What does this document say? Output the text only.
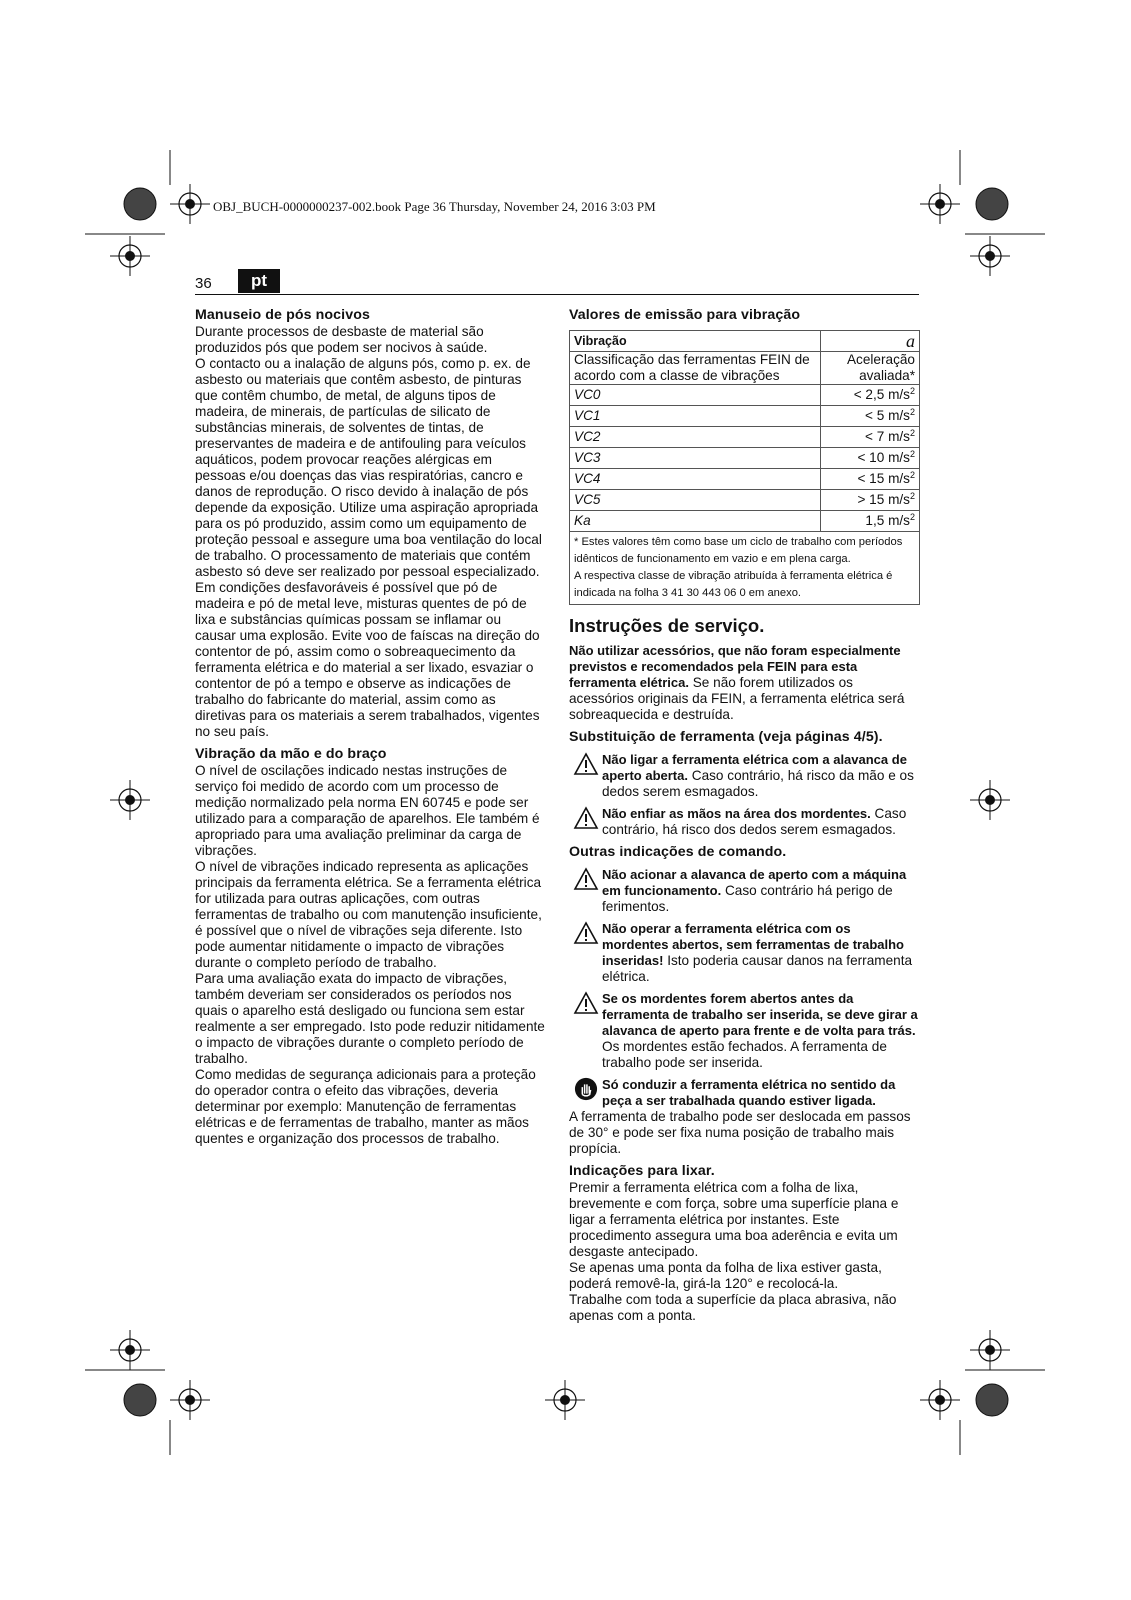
OBJ_BUCH-0000000237-002.book Page 36 Thursday, November 24, 2016 3:03 PM
36	pt
Manuseio de pós nocivos

Durante processos de desbaste de material são produzidos pós que podem ser nocivos à saúde.

O contacto ou a inalação de alguns pós, como p. ex. de asbesto ou materiais que contêm asbesto, de pinturas que contêm chumbo, de metal, de alguns tipos de madeira, de minerais, de partículas de silicato de substâncias minerais, de solventes de tintas, de preservantes de madeira e de antifouling para veículos aquáticos, podem provocar reações alérgicas em pessoas e/ou doenças das vias respiratórias, cancro e danos de reprodução. O risco devido à inalação de pós depende da exposição. Utilize uma aspiração apropriada para os pó produzido, assim como um equipamento de proteção pessoal e assegure uma boa ventilação do local de trabalho. O processamento de materiais que contém asbesto só deve ser realizado por pessoal especializado.

Em condições desfavoráveis é possível que pó de madeira e pó de metal leve, misturas quentes de pó de lixa e substâncias químicas possam se inflamar ou causar uma explosão. Evite voo de faíscas na direção do contentor de pó, assim como o sobreaquecimento da ferramenta elétrica e do material a ser lixado, esvaziar o contentor de pó a tempo e observe as indicações de trabalho do fabricante do material, assim como as diretivas para os materiais a serem trabalhados, vigentes no seu país.

Vibração da mão e do braço

O nível de oscilações indicado nestas instruções de serviço foi medido de acordo com um processo de medição normalizado pela norma EN 60745 e pode ser utilizado para a comparação de aparelhos. Ele também é apropriado para uma avaliação preliminar da carga de vibrações.

O nível de vibrações indicado representa as aplicações principais da ferramenta elétrica. Se a ferramenta elétrica for utilizada para outras aplicações, com outras ferramentas de trabalho ou com manutenção insuficiente, é possível que o nível de vibrações seja diferente. Isto pode aumentar nitidamente o impacto de vibrações durante o completo período de trabalho.

Para uma avaliação exata do impacto de vibrações, também deveriam ser considerados os períodos nos quais o aparelho está desligado ou funciona sem estar realmente a ser empregado. Isto pode reduzir nitidamente o impacto de vibrações durante o completo período de trabalho.

Como medidas de segurança adicionais para a proteção do operador contra o efeito das vibrações, deveria determinar por exemplo: Manutenção de ferramentas elétricas e de ferramentas de trabalho, manter as mãos quentes e organização dos processos de trabalho.

Valores de emissão para vibração
Vibração	a
Classificação das ferramentas FEIN de acordo com a classe de vibrações	Aceleração avaliada*
VC0	< 2,5 $m/s^2$
VC1	< 5 $m/s^2$
VC2	< 7 $m/s^2$
VC3	< 10 $m/s^2$
VC4	< 15 $m/s^2$
VC5	> 15 $m/s^2$
Ka	1,5 $m/s^2$

* Estes valores têm como base um ciclo de trabalho com períodos idênticos de funcionamento em vazio e em plena carga.
A respectiva classe de vibração atribuída à ferramenta elétrica é indicada na folha 3 41 30 443 06 0 em anexo.	
Instruções de serviço.

Não utilizar acessórios, que não foram especialmente previstos e recomendados pela FEIN para esta ferramenta elétrica. Se não forem utilizados os acessórios originais da FEIN, a ferramenta elétrica será sobreaquecida e destruída.

Substituição de ferramenta (veja páginas 4/5).
Não ligar a ferramenta elétrica com a alavanca de aperto aberta. Caso contrário, há risco da mão e os dedos serem esmagados.
Não enfiar as mãos na área dos mordentes. Caso contrário, há risco dos dedos serem esmagados.
Outras indicações de comando.
Não acionar a alavanca de aperto com a máquina em funcionamento. Caso contrário há perigo de ferimentos.
Não operar a ferramenta elétrica com os mordentes abertos, sem ferramentas de trabalho inseridas! Isto poderia causar danos na ferramenta elétrica.
Se os mordentes forem abertos antes da ferramenta de trabalho ser inserida, se deve girar a alavanca de aperto para frente e de volta para trás. Os mordentes estão fechados. A ferramenta de trabalho pode ser inserida.
Só conduzir a ferramenta elétrica no sentido da peça a ser trabalhada quando estiver ligada.

A ferramenta de trabalho pode ser deslocada em passos de 30° e pode ser fixa numa posição de trabalho mais propícia.

Indicações para lixar.

Premir a ferramenta elétrica com a folha de lixa, brevemente e com força, sobre uma superfície plana e ligar a ferramenta elétrica por instantes. Este procedimento assegura uma boa aderência e evita um desgaste antecipado.

Se apenas uma ponta da folha de lixa estiver gasta, poderá removê-la, girá-la 120° e recolocá-la.

Trabalhe com toda a superfície da placa abrasiva, não apenas com a ponta.
